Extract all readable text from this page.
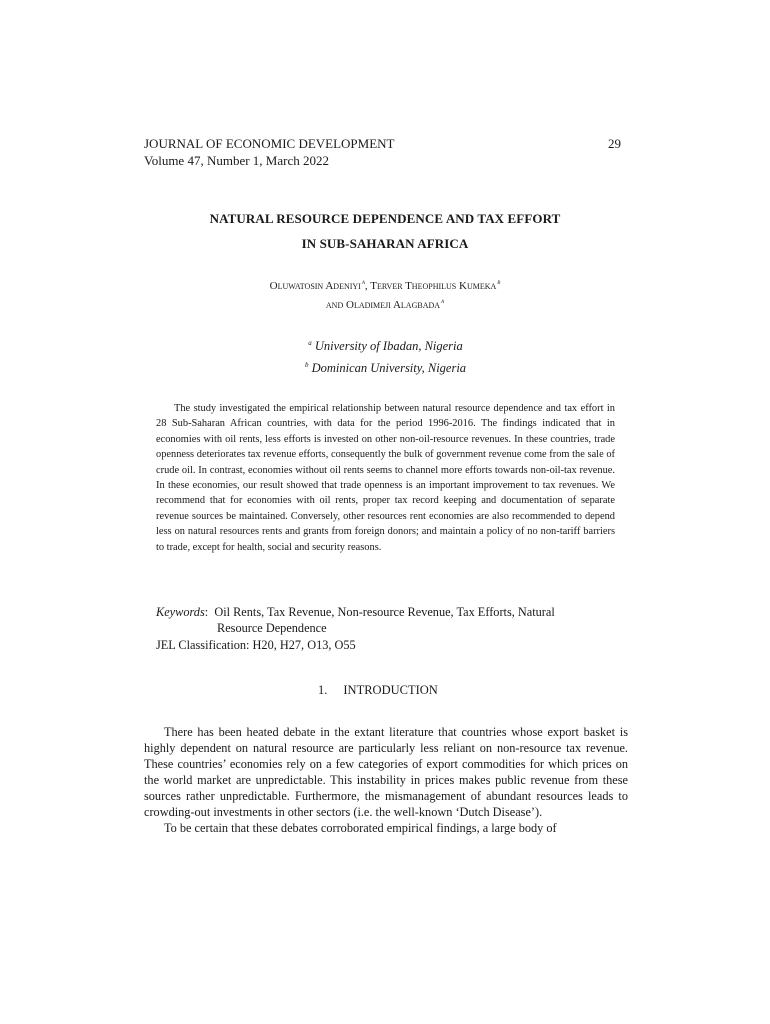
JOURNAL OF ECONOMIC DEVELOPMENT
Volume 47, Number 1, March 2022
29
NATURAL RESOURCE DEPENDENCE AND TAX EFFORT
IN SUB-SAHARAN AFRICA
Oluwatosin Adeniyi$^a$, Terver Theophilus Kumeka$^b$
and Oladimeji Alagbada$^a$
$^a$ University of Ibadan, Nigeria
$^b$ Dominican University, Nigeria

The study investigated the empirical relationship between natural resource dependence and tax effort in 28 Sub-Saharan African countries, with data for the period 1996-2016. The findings indicated that in economies with oil rents, less efforts is invested on other non-oil-resource revenues. In these countries, trade openness deteriorates tax revenue efforts, consequently the bulk of government revenue come from the sale of crude oil. In contrast, economies without oil rents seems to channel more efforts towards non-oil-tax revenue. In these economies, our result showed that trade openness is an important improvement to tax revenues. We recommend that for economies with oil rents, proper tax record keeping and documentation of separate revenue sources be maintained. Conversely, other resources rent economies are also recommended to depend less on natural resources rents and grants from foreign donors; and maintain a policy of no non-tariff barriers to trade, except for health, social and security reasons.

Keywords: Oil Rents, Tax Revenue, Non-resource Revenue, Tax Efforts, Natural
Resource Dependence
JEL Classification: H20, H27, O13, O55
1. INTRODUCTION

There has been heated debate in the extant literature that countries whose export basket is highly dependent on natural resource are particularly less reliant on non-resource tax revenue. These countries’ economies rely on a few categories of export commodities for which prices on the world market are unpredictable. This instability in prices makes public revenue from these sources rather unpredictable. Furthermore, the mismanagement of abundant resources leads to crowding-out investments in other sectors (i.e. the well-known ‘Dutch Disease’).

To be certain that these debates corroborated empirical findings, a large body of
